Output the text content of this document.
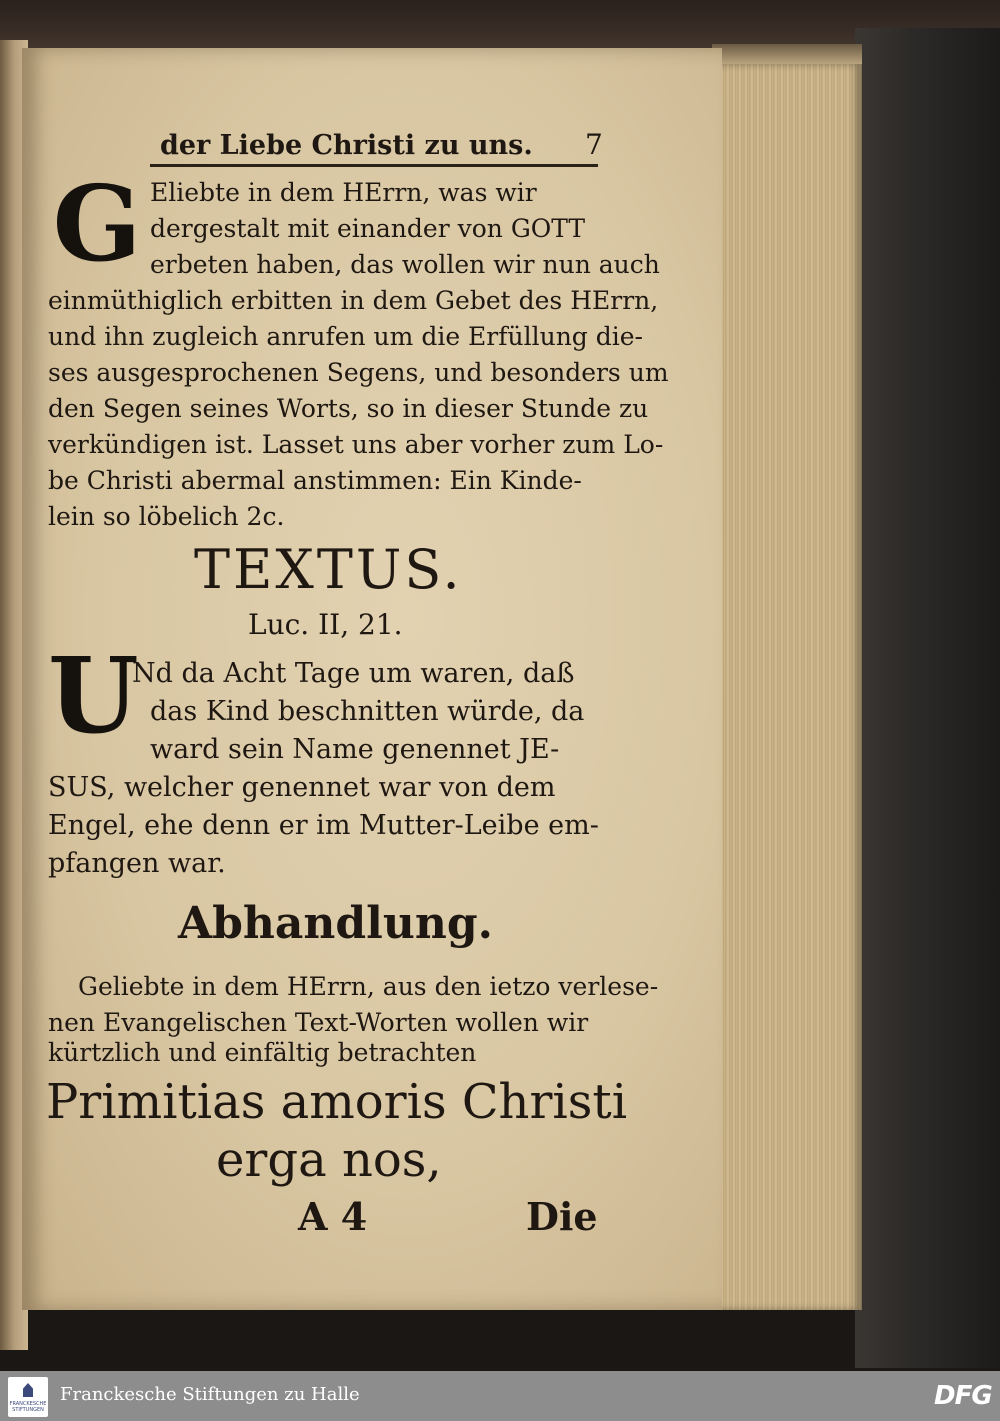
der Liebe Christi zu uns. 7
G Eliebte in dem HErrn, was wir
dergestalt mit einander von GOTT
erbeten haben, das wollen wir nun auch
einmüthiglich erbitten in dem Gebet des HErrn,
und ihn zugleich anrufen um die Erfüllung die-
ses ausgesprochenen Segens, und besonders um
den Segen seines Worts, so in dieser Stunde zu
verkündigen ist. Lasset uns aber vorher zum Lo-
be Christi abermal anstimmen: Ein Kinde-
lein so löbelich 2c.
TEXTUS.
Luc. II, 21.
U
Nd da Acht Tage um waren, daß
das Kind beschnitten würde, da
ward sein Name genennet JE-
SUS, welcher genennet war von dem
Engel, ehe denn er im Mutter-Leibe em-
pfangen war.
Abhandlung.
Geliebte in dem HErrn, aus den ietzo verlese-
nen Evangelischen Text-Worten wollen wir
kürtzlich und einfältig betrachten
Primitias amoris Christi
erga nos,
A 4	Die
FRANCKESCHE STIFTUNGEN
Franckesche Stiftungen zu Halle	DFG
